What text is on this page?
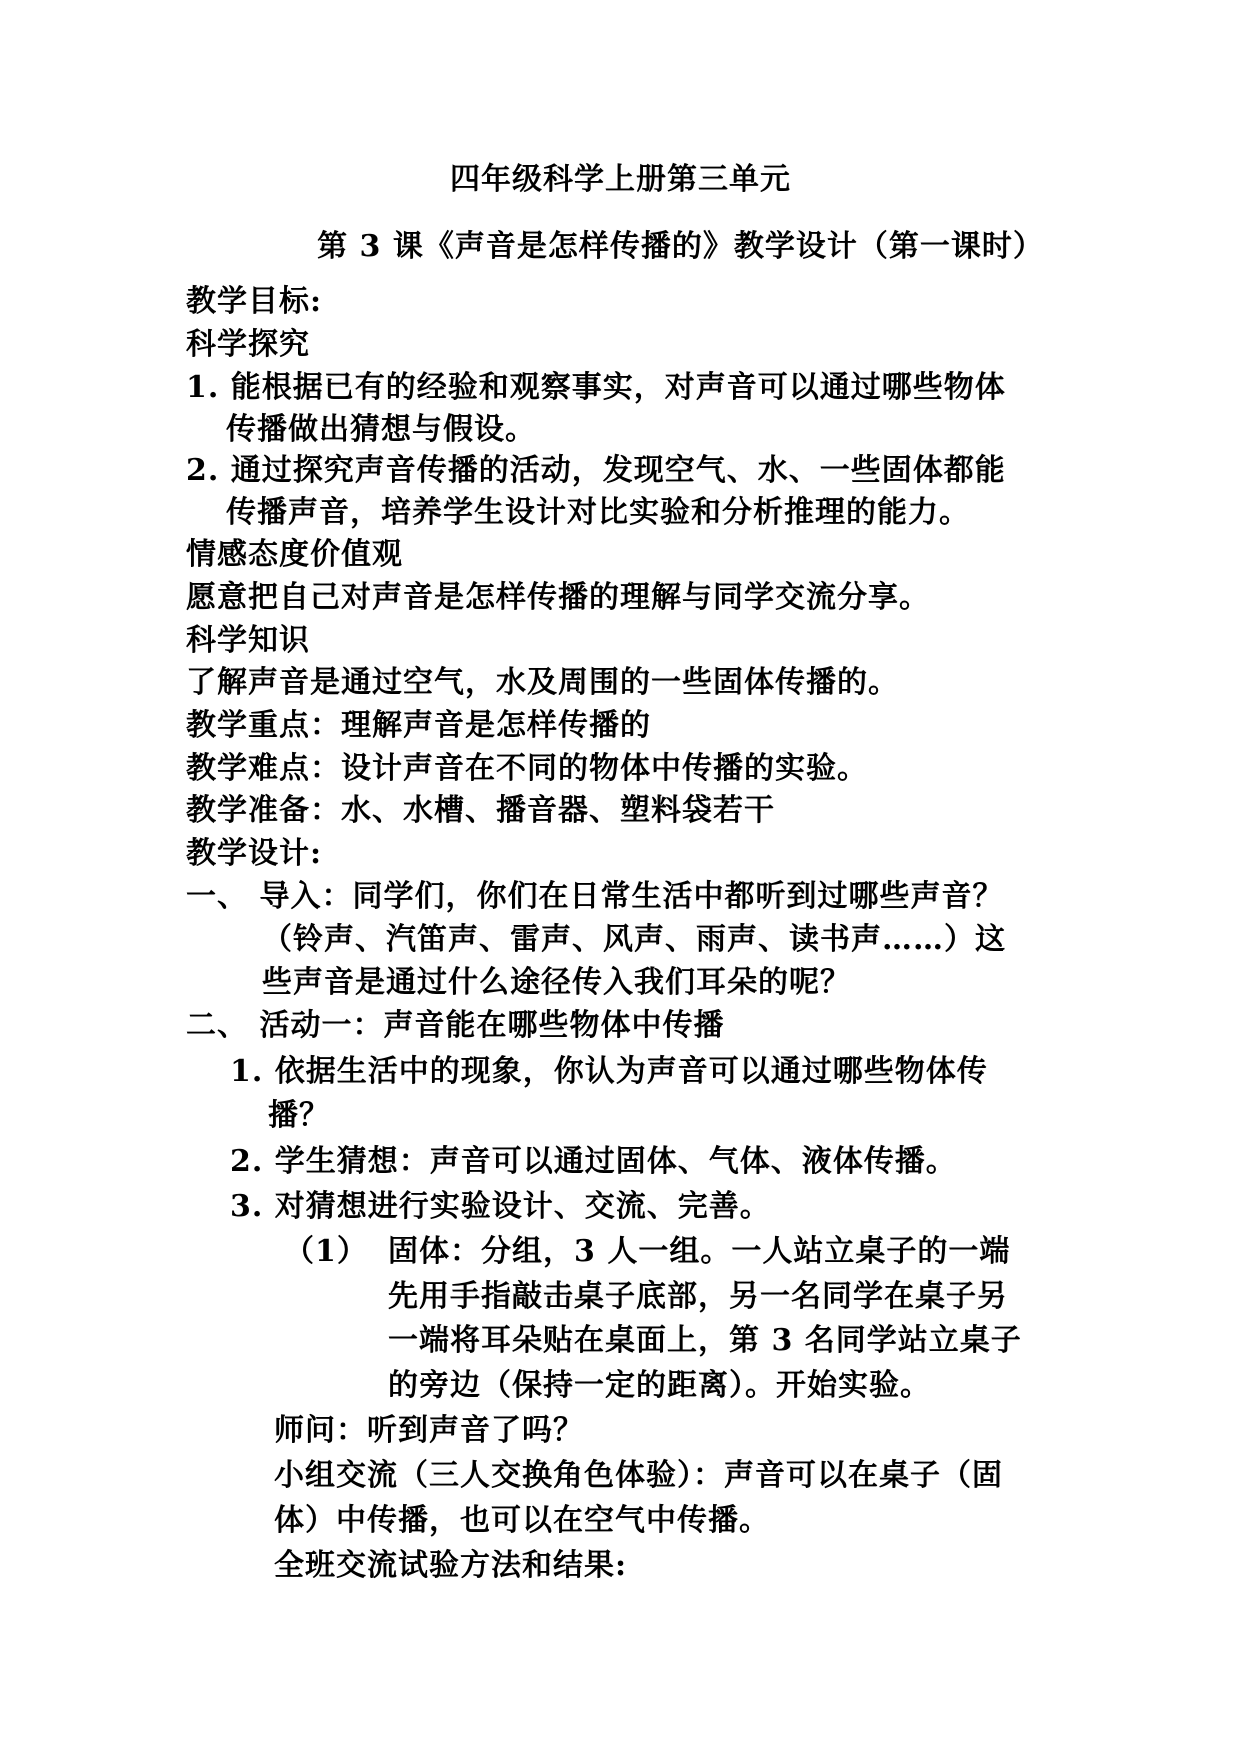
四年级科学上册第三单元
第 3 课《声音是怎样传播的》教学设计（第一课时）
教学目标:
科学探究
1. 能根据已有的经验和观察事实，对声音可以通过哪些物体
传播做出猜想与假设。
2. 通过探究声音传播的活动，发现空气、水、一些固体都能
传播声音，培养学生设计对比实验和分析推理的能力。
情感态度价值观
愿意把自己对声音是怎样传播的理解与同学交流分享。
科学知识
了解声音是通过空气，水及周围的一些固体传播的。
教学重点：理解声音是怎样传播的
教学难点：设计声音在不同的物体中传播的实验。
教学准备：水、水槽、播音器、塑料袋若干
教学设计:
一、 导入：同学们，你们在日常生活中都听到过哪些声音？
（铃声、汽笛声、雷声、风声、雨声、读书声……）这
些声音是通过什么途径传入我们耳朵的呢？
二、 活动一：声音能在哪些物体中传播
1. 依据生活中的现象，你认为声音可以通过哪些物体传
播？
2. 学生猜想：声音可以通过固体、气体、液体传播。
3. 对猜想进行实验设计、交流、完善。
（1） 固体：分组，3 人一组。一人站立桌子的一端
先用手指敲击桌子底部，另一名同学在桌子另
一端将耳朵贴在桌面上，第 3 名同学站立桌子
的旁边（保持一定的距离）。开始实验。
师问：听到声音了吗？
小组交流（三人交换角色体验）：声音可以在桌子（固
体）中传播，也可以在空气中传播。
全班交流试验方法和结果:
